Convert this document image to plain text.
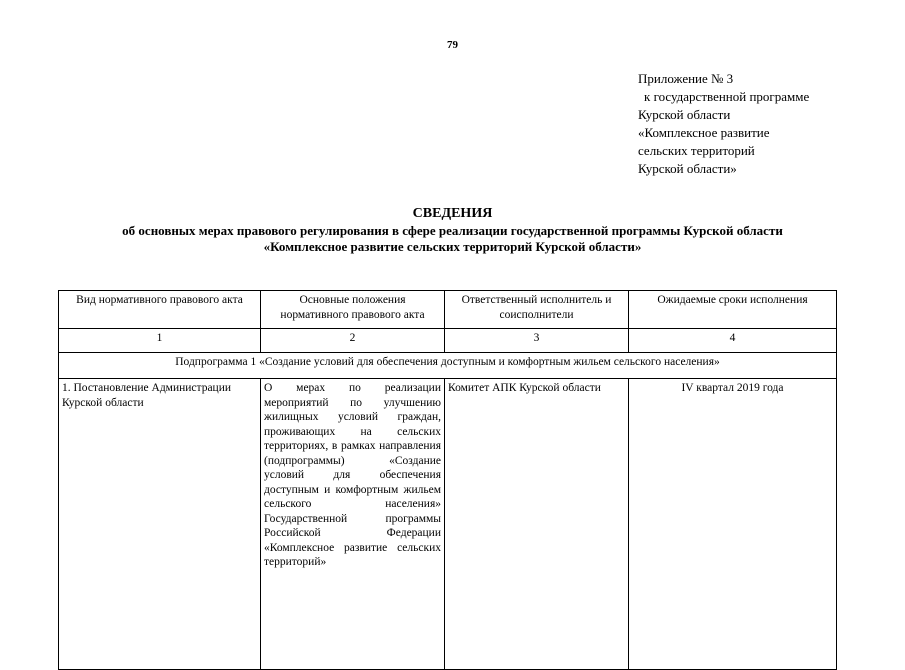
79
Приложение № 3
к государственной программе
Курской области
«Комплексное развитие
сельских территорий
Курской области»
СВЕДЕНИЯ
об основных мерах правового регулирования в сфере реализации государственной программы Курской области
«Комплексное развитие сельских территорий Курской области»
Вид нормативного правового акта	Основные положения нормативного правового акта	Ответственный исполнитель и соисполнители	Ожидаемые сроки исполнения
1	2	3	4
Подпрограмма 1 «Создание условий для обеспечения доступным и комфортным жильем сельского населения»			
1. Постановление Администрации Курской области	О мерах по реализации мероприятий по улучшению жилищных условий граждан, проживающих на сельских территориях, в рамках направления (подпрограммы) «Создание условий для обеспечения доступным и комфортным жильем сельского населения» Государственной программы Российской Федерации «Комплексное развитие сельских территорий»	Комитет АПК Курской области	IV квартал 2019 года
